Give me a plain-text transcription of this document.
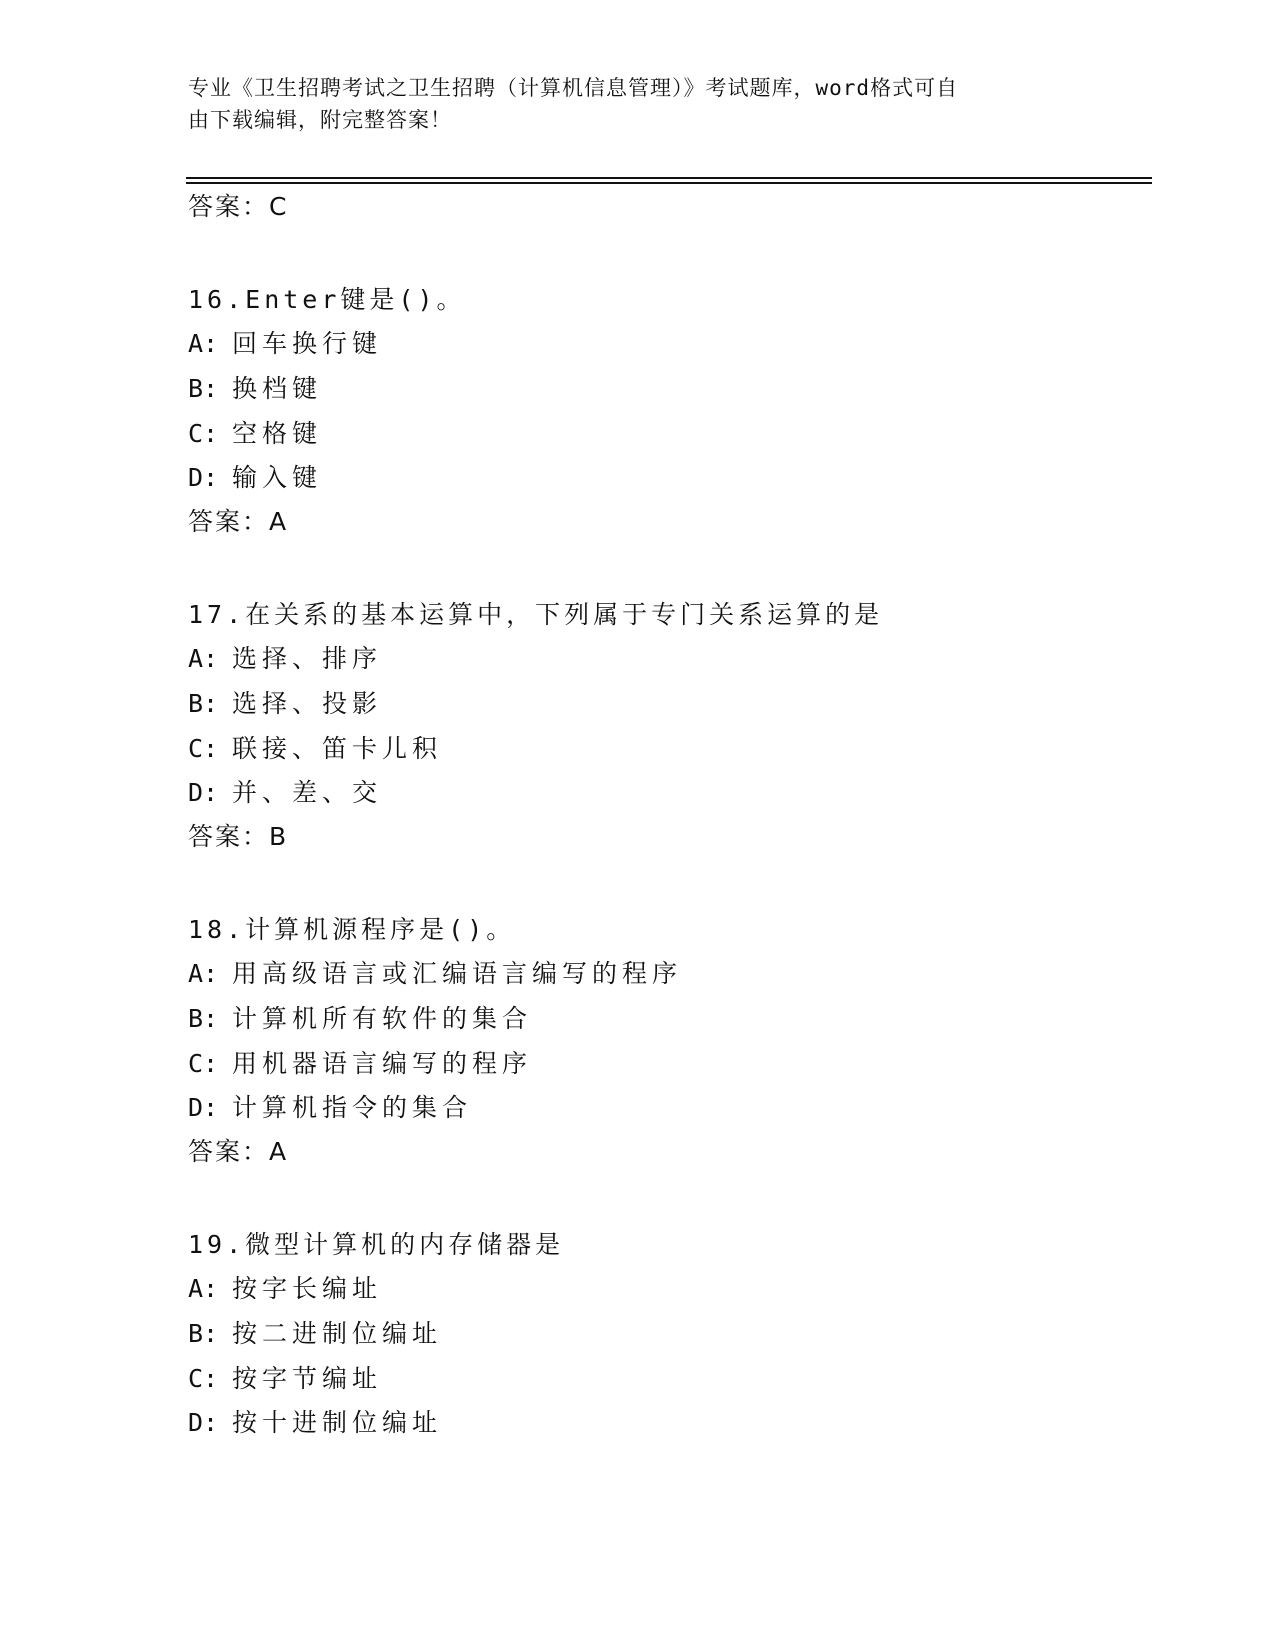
专业《卫生招聘考试之卫生招聘（计算机信息管理）》考试题库，word格式可自
由下载编辑，附完整答案！
答案：C
16.Enter键是()。
A: 回车换行键
B: 换档键
C: 空格键
D: 输入键
答案：A
17.在关系的基本运算中，下列属于专门关系运算的是
A: 选择、排序
B: 选择、投影
C: 联接、笛卡儿积
D: 并、差、交
答案：B
18.计算机源程序是()。
A: 用高级语言或汇编语言编写的程序
B: 计算机所有软件的集合
C: 用机器语言编写的程序
D: 计算机指令的集合
答案：A
19.微型计算机的内存储器是
A: 按字长编址
B: 按二进制位编址
C: 按字节编址
D: 按十进制位编址
